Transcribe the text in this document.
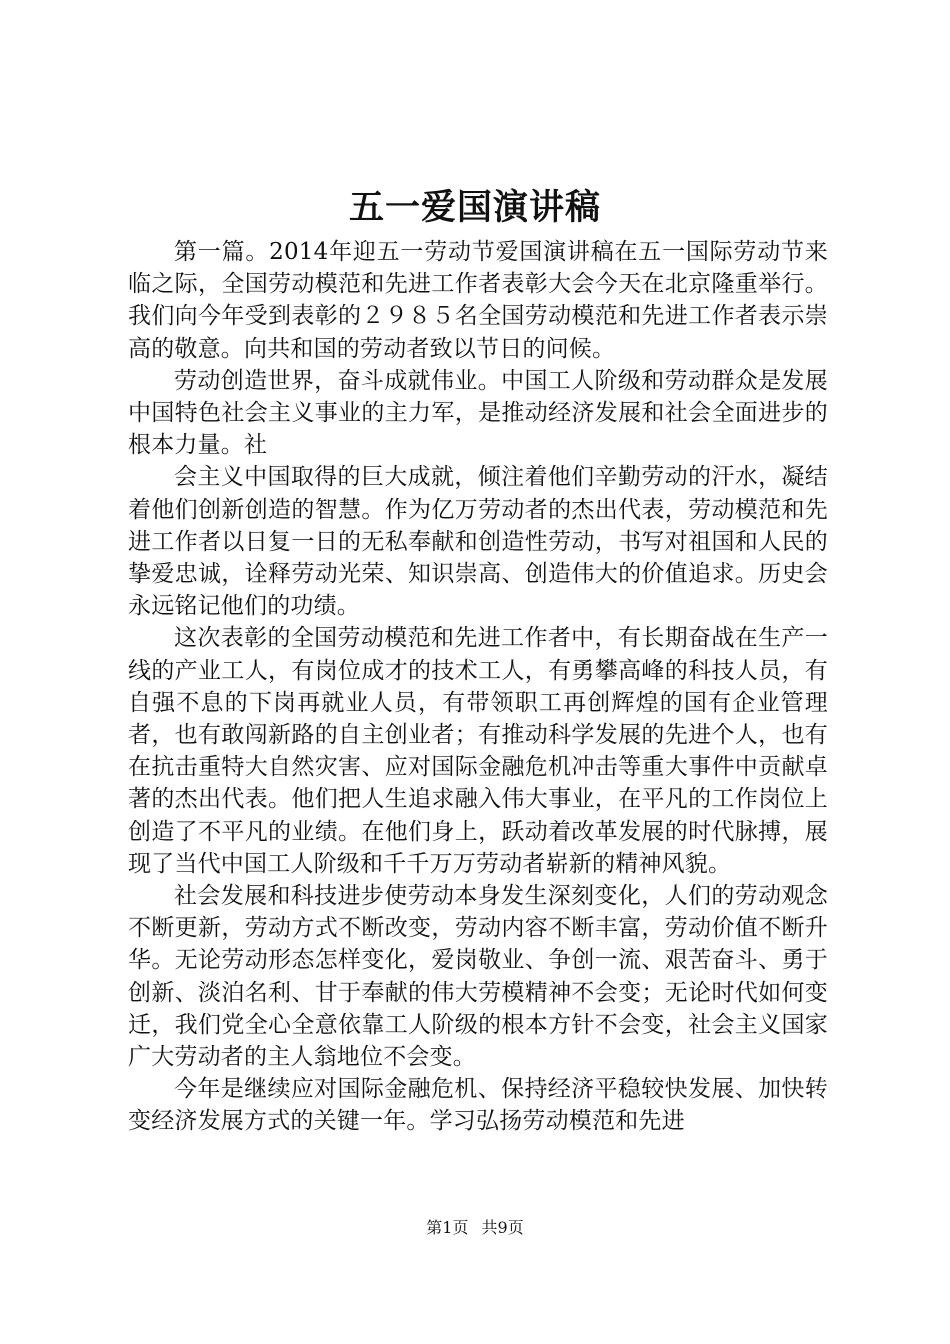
五一爱国演讲稿

第一篇。2014年迎五一劳动节爱国演讲稿在五一国际劳动节来临之际，全国劳动模范和先进工作者表彰大会今天在北京隆重举行。我们向今年受到表彰的２９８５名全国劳动模范和先进工作者表示崇高的敬意。向共和国的劳动者致以节日的问候。

劳动创造世界，奋斗成就伟业。中国工人阶级和劳动群众是发展中国特色社会主义事业的主力军，是推动经济发展和社会全面进步的根本力量。社

会主义中国取得的巨大成就，倾注着他们辛勤劳动的汗水，凝结着他们创新创造的智慧。作为亿万劳动者的杰出代表，劳动模范和先进工作者以日复一日的无私奉献和创造性劳动，书写对祖国和人民的挚爱忠诚，诠释劳动光荣、知识崇高、创造伟大的价值追求。历史会永远铭记他们的功绩。

这次表彰的全国劳动模范和先进工作者中，有长期奋战在生产一线的产业工人，有岗位成才的技术工人，有勇攀高峰的科技人员，有自强不息的下岗再就业人员，有带领职工再创辉煌的国有企业管理者，也有敢闯新路的自主创业者；有推动科学发展的先进个人，也有在抗击重特大自然灾害、应对国际金融危机冲击等重大事件中贡献卓著的杰出代表。他们把人生追求融入伟大事业，在平凡的工作岗位上创造了不平凡的业绩。在他们身上，跃动着改革发展的时代脉搏，展现了当代中国工人阶级和千千万万劳动者崭新的精神风貌。

社会发展和科技进步使劳动本身发生深刻变化，人们的劳动观念不断更新，劳动方式不断改变，劳动内容不断丰富，劳动价值不断升华。无论劳动形态怎样变化，爱岗敬业、争创一流、艰苦奋斗、勇于创新、淡泊名利、甘于奉献的伟大劳模精神不会变；无论时代如何变迁，我们党全心全意依靠工人阶级的根本方针不会变，社会主义国家广大劳动者的主人翁地位不会变。

今年是继续应对国际金融危机、保持经济平稳较快发展、加快转变经济发展方式的关键一年。学习弘扬劳动模范和先进

第1页 共9页
